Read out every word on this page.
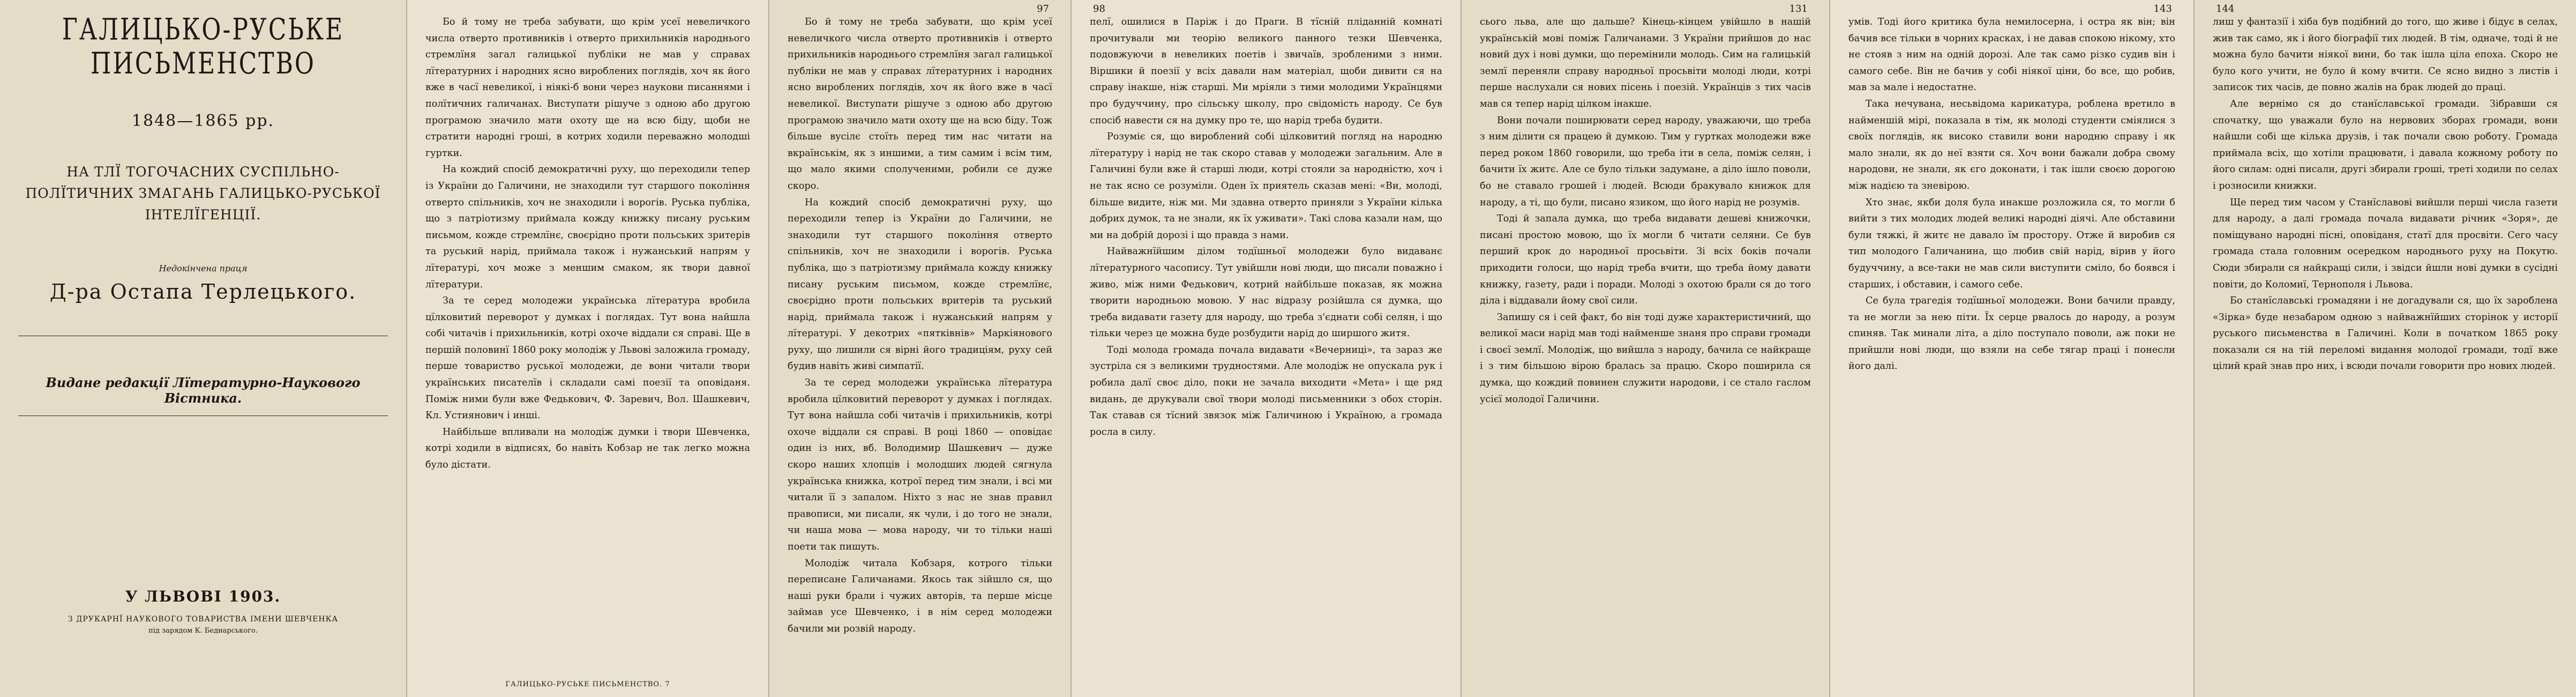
ГАЛИЦЬКО-РУСЬКЕ ПИСЬМЕНСТВО
1848—1865 рр.
НА ТЛЇ ТОГОЧАСНИХ СУСПІЛЬНО-ПОЛЇТИЧНИХ ЗМАГАНЬ ГАЛИЦЬКО-РУСЬКОЇ ІНТЕЛЇГЕНЦІЇ.
Недокінчена праця
Д-ра Остапа Терлецького.
Видане редакції Лїтературно-Наукового Вістника.
У ЛЬВОВІ 1903.
З ДРУКАРНЇ НАУКОВОГО ТОВАРИСТВА ІМЕНИ ШЕВЧЕНКА
під зарядом К. Беднарського.

Бо й тому не треба забувати, що крім усеї невеличкого числа отверто противників і отверто прихильників народнього стремлїня загал галицької публіки не мав у справах лїтературних і народних ясно вироблених поглядів, хоч як його вже в часї невеликої, і ніякі-б вони через наукови писаннями і полїтичних галичанах. Виступати рішуче з одною або другою програмою значило мати охоту ще на всю біду, щоби не стратити народні гроші, в котрих ходили переважно молодші гуртки.

На кождий спосіб демократичні руху, що переходили тепер із України до Галичини, не знаходили тут старшого покоління отверто спільників, хоч не знаходили і ворогів. Руська публіка, що з патріотизму приймала кожду книжку писану руським письмом, кожде стремлїнє, своєрідно проти польських зритерів та руський нарід, приймала також і нужанський напрям у лїтературі, хоч може з меншим смаком, як твори давної лїтератури.

За те серед молодежи українська лїтература вробила цїлковитий переворот у думках і поглядах. Тут вона найшла собі читачів і прихильників, котрі охоче віддали ся справі. Ще в першій половинї 1860 року молодіж у Львові заложила громаду, перше товариство руської молодежи, де вони читали твори українських писателїв і складали самі поезії та оповіданя. Поміж ними були вже Федькович, Ф. Заревич, Вол. Шашкевич, Кл. Устиянович і инші.

Найбільше впливали на молодіж думки і твори Шевченка, котрі ходили в відписях, бо навіть Кобзар не так легко можна було дістати.

ГАЛИЦЬКО-РУСЬКЕ ПИСЬМЕНСТВО. 7
97

Бо й тому не треба забувати, що крім усеї невеличкого числа отверто противників і отверто прихильників народнього стремлїня загал галицької публіки не мав у справах лїтературних і народних ясно вироблених поглядів, хоч як його вже в часї невеликої. Виступати рішуче з одною або другою програмою значило мати охоту ще на всю біду. Тож більше вусілє стоїть перед тим нас читати на вкраїнськім, як з иншими, а тим самим і всім тим, що мало якими сполученими, робили се дуже скоро.

На кождий спосіб демократичні руху, що переходили тепер із України до Галичини, не знаходили тут старшого покоління отверто спільників, хоч не знаходили і ворогів. Руська публіка, що з патріотизму приймала кожду книжку писану руським письмом, кожде стремлїнє, своєрідно проти польських вритерів та руський нарід, приймала також і нужанський напрям у лїтературі. У декотрих «пятківнів» Маркіянового руху, що лишили ся вірні його традиціям, руху сей будив навіть живі симпатії.

За те серед молодежи українська лїтература вробила цїлковитий переворот у думках і поглядах. Тут вона найшла собі читачів і прихильників, котрі охоче віддали ся справі. В році 1860 — оповідає один із них, вб. Володимир Шашкевич — дуже скоро наших хлопців і молодших людей сягнула українська книжка, котрої перед тим знали, і всі ми читали її з запалом. Ніхто з нас не знав правил правописи, ми писали, як чули, і до того не знали, чи наша мова — мова народу, чи то тільки наші поети так пишуть.

Молодіж читала Кобзаря, котрого тільки переписане Галичанами. Якось так зійшло ся, що наші руки брали і чужих авторів, та перше місце займав усе Шевченко, і в нім серед молодежи бачили ми розвій народу.

98

пелї, ошилися в Паріж і до Праги. В тїсній пліданній комнаті прочитували ми теорію великого панного тезки Шевченка, подовжуючи в невеликих поетів і звичаїв, зробленими з ними. Віршики й поезії у всіх давали нам матеріал, щоби дивити ся на справу інакше, ніж старші. Ми мріяли з тими молодими Українцями про будуччину, про сільську школу, про свідомість народу. Се був спосіб навести ся на думку про те, що нарід треба будити.

Розуміє ся, що вироблений собі цілковитий погляд на народню лїтературу і нарід не так скоро ставав у молодежи загальним. Але в Галичині були вже й старші люди, котрі стояли за народністю, хоч і не так ясно се розуміли. Оден їх приятель сказав мені: «Ви, молоді, більше видите, ніж ми. Ми здавна отверто приняли з України кілька добрих думок, та не знали, як їх уживати». Такі слова казали нам, що ми на добрій дорозі і що правда з нами.

Найважнїйшим ділом тодїшньої молодежи було видаванє лїтературного часопису. Тут увійшли нові люди, що писали поважно і живо, між ними Федькович, котрий найбільше показав, як можна творити народньою мовою. У нас відразу розійшла ся думка, що треба видавати газету для народу, що треба з'єднати собі селян, і що тільки через це можна буде розбудити нарід до ширшого житя.

Тоді молода громада почала видавати «Вечерниці», та зараз же зустріла ся з великими трудностями. Але молодіж не опускала рук і робила далї своє діло, поки не зачала виходити «Мета» і ще ряд видань, де друкували свої твори молоді письменники з обох сторін. Так ставав ся тїсний звязок між Галичиною і Україною, а громада росла в силу.

131

сього льва, але що дальше? Кінець-кінцем увійшло в нашій українській мові поміж Галичанами. З України прийшов до нас новий дух і нові думки, що перемінили молодь. Сим на галицькій землї переняли справу народньої просьвіти молоді люди, котрі перше наслухали ся нових пісень і поезій. Українців з тих часів мав ся тепер нарід цілком інакше.

Вони почали поширювати серед народу, уважаючи, що треба з ним ділити ся працею й думкою. Тим у гуртках молодежи вже перед роком 1860 говорили, що треба іти в села, поміж селян, і бачити їх житє. Але се було тільки задумане, а діло ішло поволи, бо не ставало грошей і людей. Всюди бракувало книжок для народу, а ті, що були, писано язиком, що його нарід не розумів.

Тоді й запала думка, що треба видавати дешеві книжочки, писані простою мовою, що їх могли б читати селяни. Се був перший крок до народньої просьвіти. Зі всіх боків почали приходити голоси, що нарід треба вчити, що треба йому давати книжку, газету, ради і поради. Молоді з охотою брали ся до того діла і віддавали йому свої сили.

Запишу ся і сей факт, бо він тоді дуже характеристичний, що великої маси нарід мав тоді найменше знаня про справи громади і своєї землї. Молодіж, що вийшла з народу, бачила се найкраще і з тим більшою вірою бралась за працю. Скоро поширила ся думка, що кождий повинен служити народови, і се стало гаслом усієї молодої Галичини.

143

умів. Тоді його критика була немилосерна, і остра як він; він бачив все тільки в чорних красках, і не давав спокою нікому, хто не стояв з ним на одній дорозі. Але так само різко судив він і самого себе. Він не бачив у собі ніякої ціни, бо все, що робив, мав за мале і недостатне.

Така нечувана, несьвідома карикатура, роблена вретило в найменшій мірі, показала в тім, як молоді студенти сміялися з своїх поглядів, як високо ставили вони народню справу і як мало знали, як до неї взяти ся. Хоч вони бажали добра свому народови, не знали, як єго доконати, і так ішли своєю дорогою між надією та зневірою.

Хто знає, якби доля була инакше розложила ся, то могли б вийти з тих молодих людей великі народні діячі. Але обставини були тяжкі, й житє не давало їм простору. Отже й виробив ся тип молодого Галичанина, що любив свій нарід, вірив у його будуччину, а все-таки не мав сили виступити сміло, бо боявся і старших, і обставин, і самого себе.

Се була трагедія тодїшньої молодежи. Вони бачили правду, та не могли за нею піти. Їх серце рвалось до народу, а розум спиняв. Так минали літа, а діло поступало поволи, аж поки не прийшли нові люди, що взяли на себе тягар праці і понесли його далі.

144

лиш у фантазії і хіба був подібний до того, що живе і бідує в селах, жив так само, як і його біографії тих людей. В тім, одначе, тоді й не можна було бачити ніякої вини, бо так ішла ціла епоха. Скоро не було кого учити, не було й кому вчити. Се ясно видно з листів і записок тих часів, де повно жалів на брак людей до праці.

Але вернімо ся до станїславської громади. Зібравши ся спочатку, що уважали було на нервових зборах громади, вони найшли собі ще кілька друзів, і так почали свою роботу. Громада приймала всіх, що хотіли працювати, і давала кожному роботу по його силам: одні писали, другі збирали гроші, треті ходили по селах і розносили книжки.

Ще перед тим часом у Станїславові вийшли перші числа газети для народу, а далі громада почала видавати річник «Зоря», де поміщувано народні пісні, оповіданя, статї для просвіти. Сего часу громада стала головним осередком народнього руху на Покутю. Сюди збирали ся найкращі сили, і звідси йшли нові думки в сусідні повіти, до Коломиї, Тернополя і Львова.

Бо станїславські громадяни і не догадували ся, що їх зароблена «Зірка» буде незабаром одною з найважнїйших сторінок у исторії руського письменства в Галичині. Коли в початком 1865 року показали ся на тій переломі видання молодої громади, тодї вже цілий край знав про них, і всюди почали говорити про нових людей.
